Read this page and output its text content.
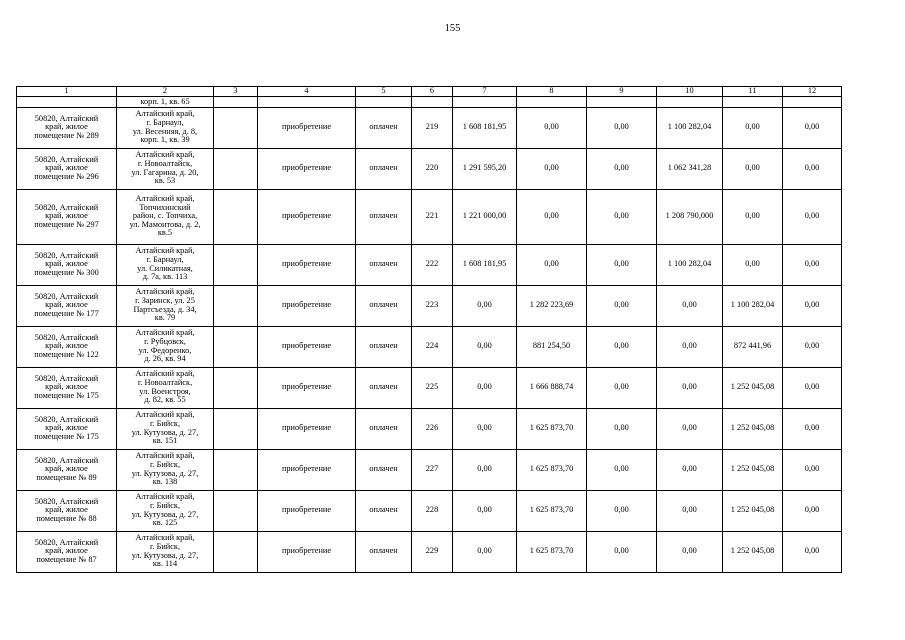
155
1	2	3	4	5	6	7	8	9	10	11	12
	корп. 1, кв. 65										

50820, Алтайский
край, жилое
помещение № 289	Алтайский край,
г. Барнаул,
ул. Весенняя, д. 8,
корп. 1, кв. 39		приобретение	оплачен	219	1 608 181,95	0,00	0,00	1 100 282,04	0,00	0,00

50820, Алтайский
край, жилое
помещение № 296	Алтайский край,
г. Новоалтайск,
ул. Гагарина, д. 20,
кв. 53		приобретение	оплачен	220	1 291 595,20	0,00	0,00	1 062 341,28	0,00	0,00

50820, Алтайский
край, жилое
помещение № 297	Алтайский край,
Топчихинский
район, с. Топчиха,
ул. Мамонтова, д. 2,
кв.5		приобретение	оплачен	221	1 221 000,00	0,00	0,00	1 208 790,000	0,00	0,00

50820, Алтайский
край, жилое
помещение № 300	Алтайский край,
г. Барнаул,
ул. Силикатная,
д. 7а, кв. 113		приобретение	оплачен	222	1 608 181,95	0,00	0,00	1 100 282,04	0,00	0,00

50820, Алтайский
край, жилое
помещение № 177	Алтайский край,
г. Заринск, ул. 25
Партсъезда, д. 34,
кв. 79		приобретение	оплачен	223	0,00	1 282 223,69	0,00	0,00	1 100 282,04	0,00

50820, Алтайский
край, жилое
помещение № 122	Алтайский край,
г. Рубцовск,
ул. Федоренко,
д. 26, кв. 94		приобретение	оплачен	224	0,00	881 254,50	0,00	0,00	872 441,96	0,00

50820, Алтайский
край, жилое
помещение № 175	Алтайский край,
г. Новоалтайск,
ул. Военстроя,
д. 82, кв. 55		приобретение	оплачен	225	0,00	1 666 888,74	0,00	0,00	1 252 045,08	0,00

50820, Алтайский
край, жилое
помещение № 175	Алтайский край,
г. Бийск,
ул. Кутузова, д. 27,
кв. 151		приобретение	оплачен	226	0,00	1 625 873,70	0,00	0,00	1 252 045,08	0,00

50820, Алтайский
край, жилое
помещение № 89	Алтайский край,
г. Бийск,
ул. Кутузова, д. 27,
кв. 138		приобретение	оплачен	227	0,00	1 625 873,70	0,00	0,00	1 252 045,08	0,00

50820, Алтайский
край, жилое
помещение № 88	Алтайский край,
г. Бийск,
ул. Кутузова, д. 27,
кв. 125		приобретение	оплачен	228	0,00	1 625 873,70	0,00	0,00	1 252 045,08	0,00

50820, Алтайский
край, жилое
помещение № 87	Алтайский край,
г. Бийск,
ул. Кутузова, д. 27,
кв. 114		приобретение	оплачен	229	0,00	1 625 873,70	0,00	0,00	1 252 045,08	0,00
